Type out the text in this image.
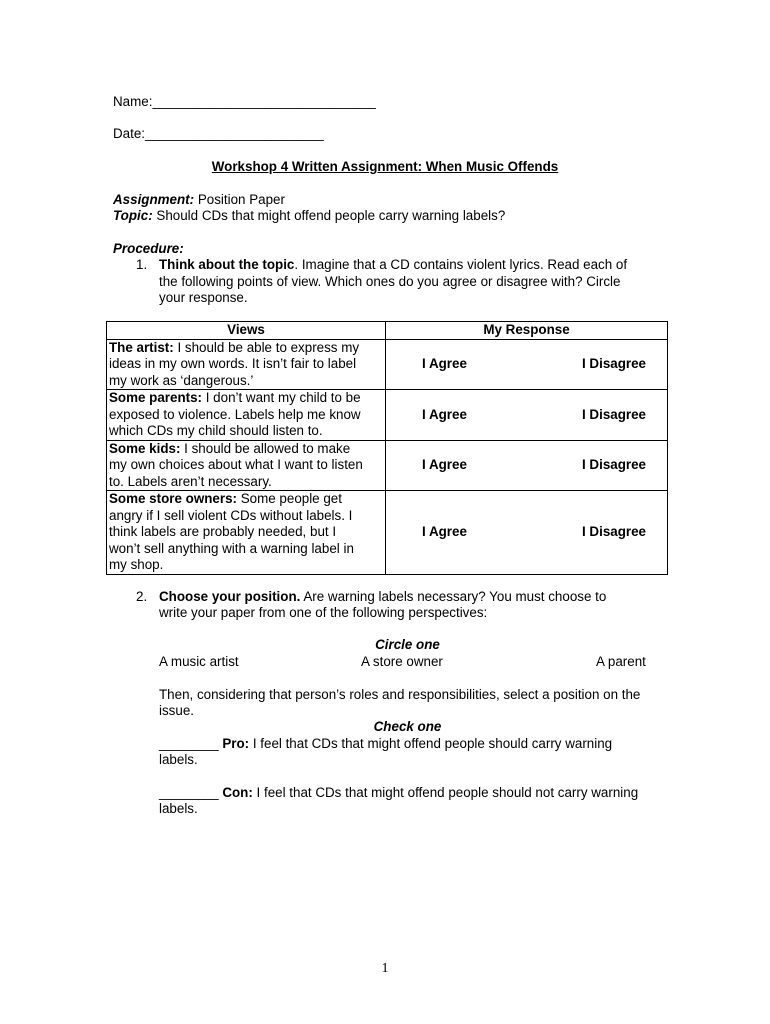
Name:______________________________
Date:________________________
Workshop 4 Written Assignment: When Music Offends
Assignment: Position Paper
Topic: Should CDs that might offend people carry warning labels?
Procedure:
1. Think about the topic. Imagine that a CD contains violent lyrics. Read each of
the following points of view. Which ones do you agree or disagree with? Circle
your response.
Views	My Response
The artist: I should be able to express my
ideas in my own words. It isn’t fair to label
my work as ‘dangerous.’	I Agree I Disagree

Some parents: I don’t want my child to be
exposed to violence. Labels help me know
which CDs my child should listen to.	I Agree I Disagree

Some kids: I should be allowed to make
my own choices about what I want to listen
to. Labels aren’t necessary.	I Agree I Disagree

Some store owners: Some people get
angry if I sell violent CDs without labels. I
think labels are probably needed, but I
won’t sell anything with a warning label in
my shop.	I Agree I Disagree
2. Choose your position. Are warning labels necessary? You must choose to
write your paper from one of the following perspectives:
Circle one
A music artist	A store owner	A parent
Then, considering that person’s roles and responsibilities, select a position on the
issue.
Check one
________ Pro: I feel that CDs that might offend people should carry warning
labels.
________ Con: I feel that CDs that might offend people should not carry warning
labels.
1
